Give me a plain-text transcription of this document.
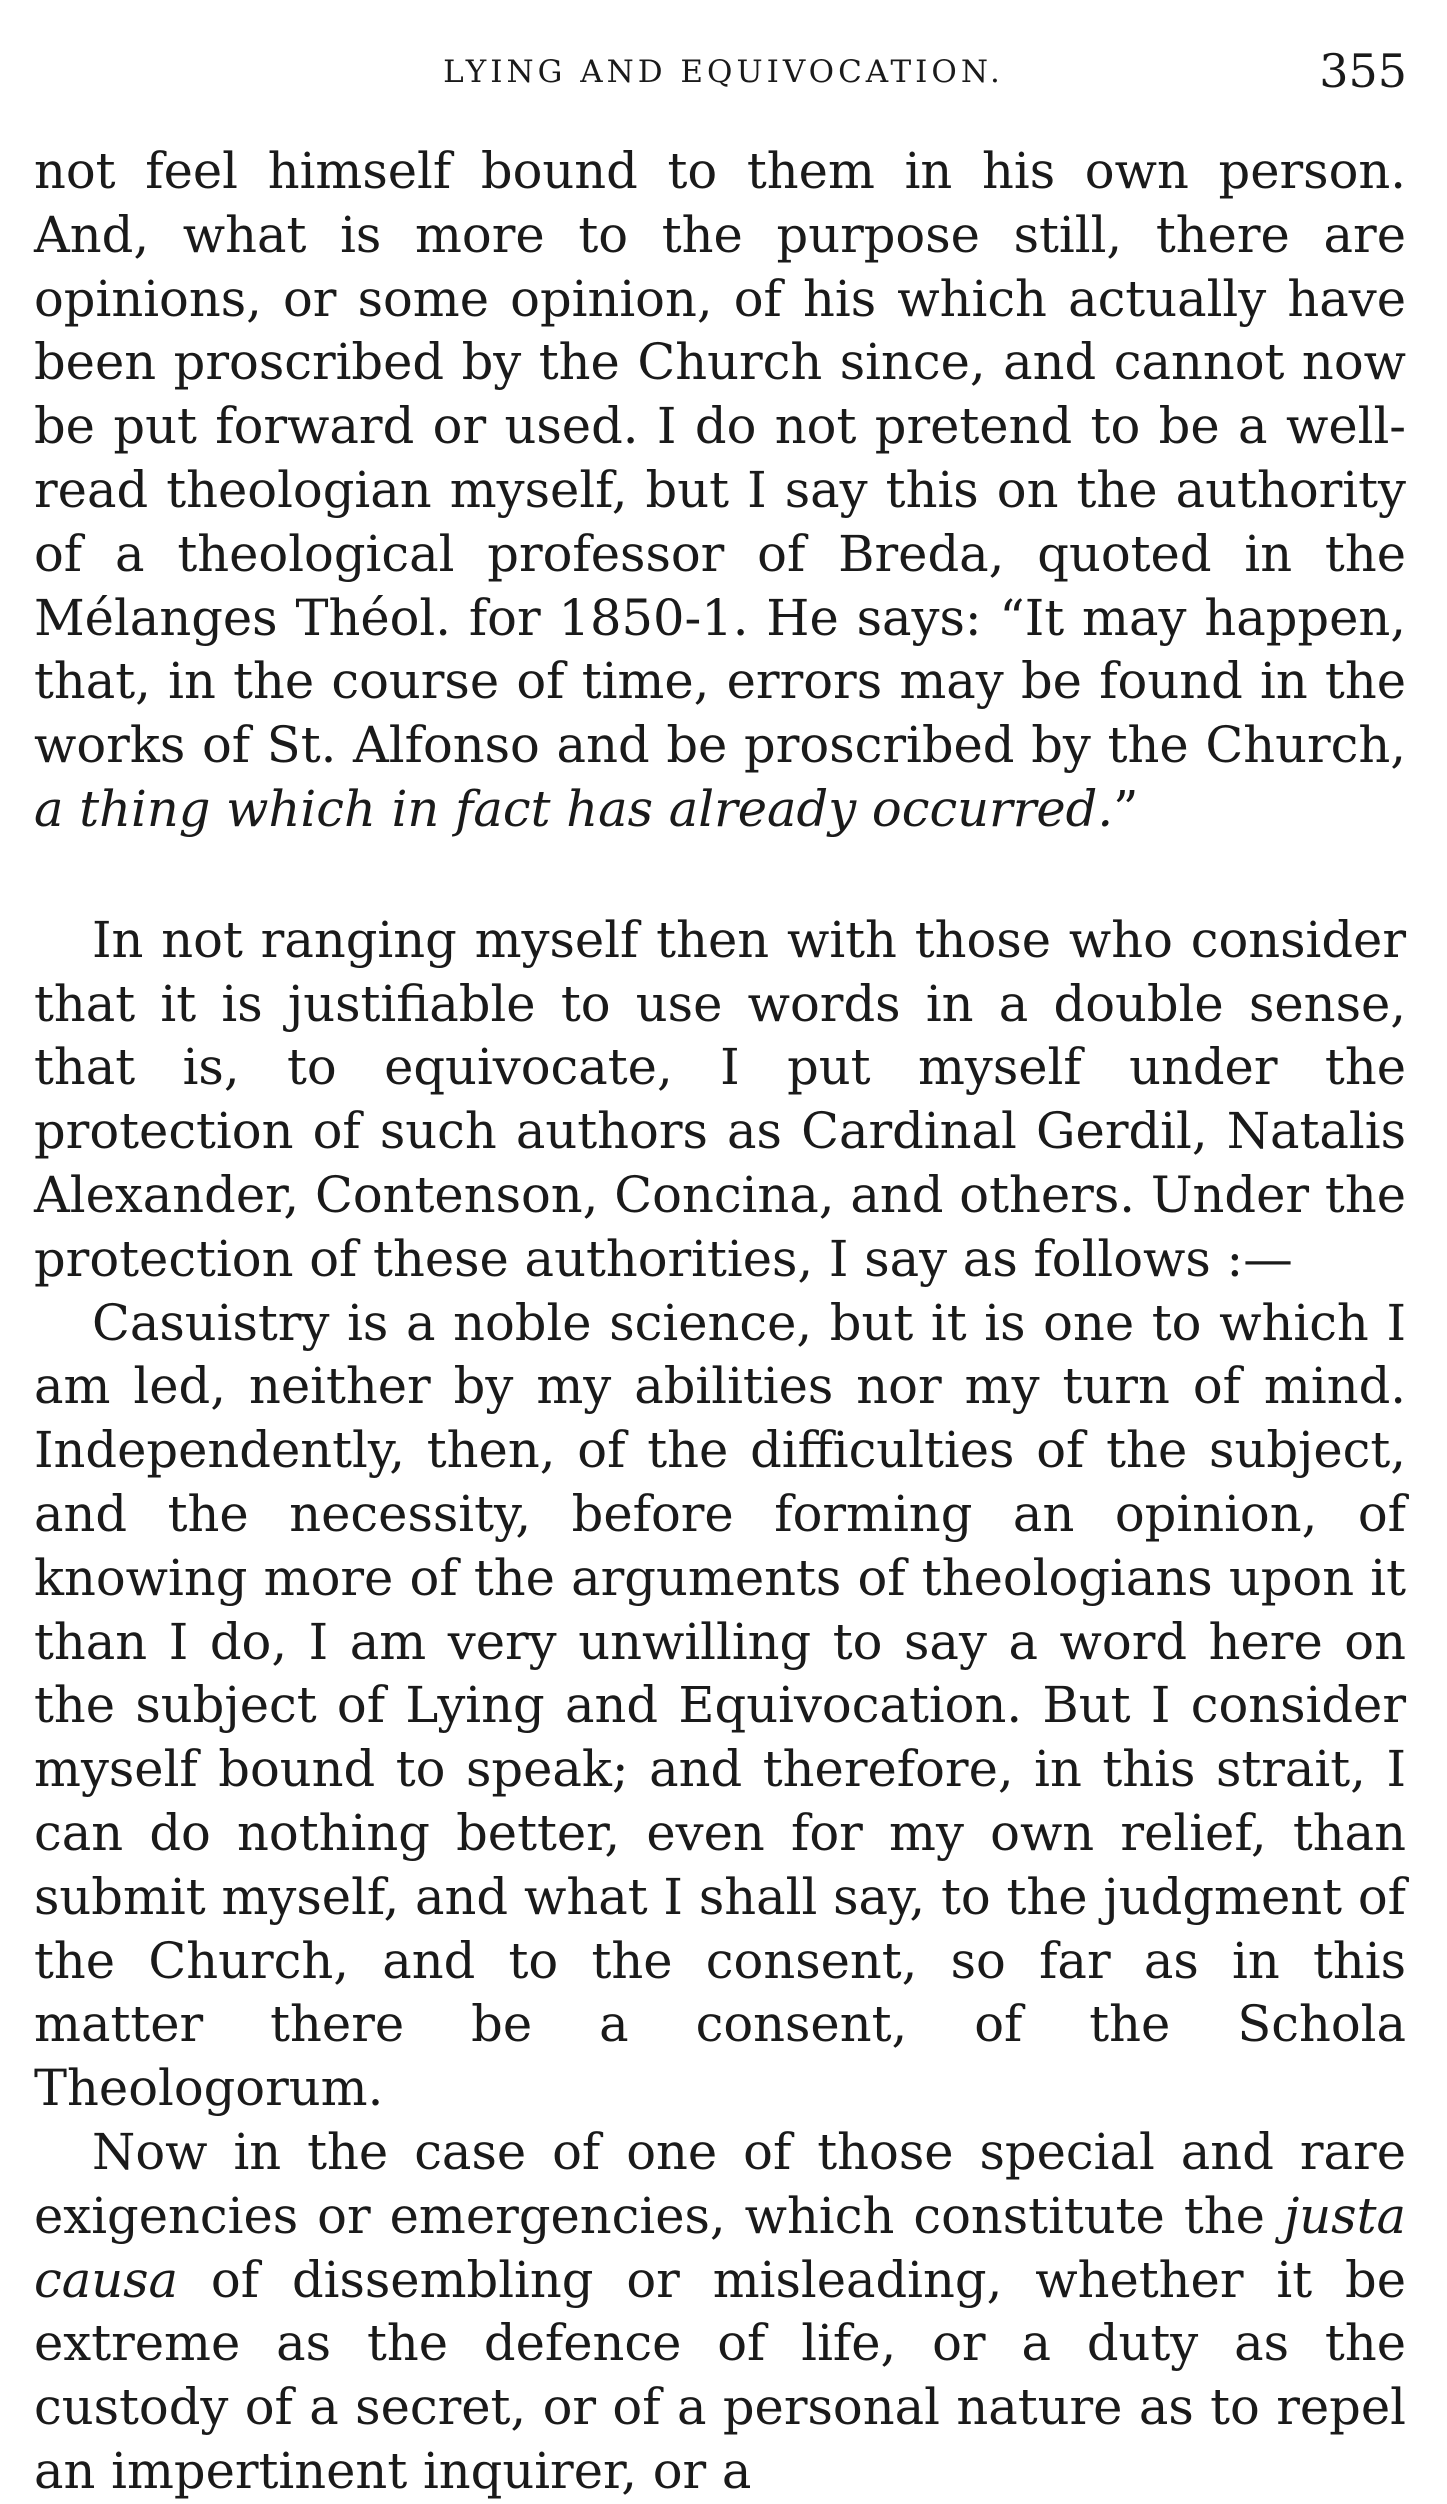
LYING AND EQUIVOCATION.	355

not feel himself bound to them in his own person. And, what is more to the purpose still, there are opinions, or some opinion, of his which actually have been proscribed by the Church since, and cannot now be put forward or used. I do not pretend to be a well-read theologian myself, but I say this on the authority of a theological professor of Breda, quoted in the Mélanges Théol. for 1850-1. He says: “It may happen, that, in the course of time, errors may be found in the works of St. Alfonso and be proscribed by the Church, a thing which in fact has already occurred.”

In not ranging myself then with those who consider that it is justifiable to use words in a double sense, that is, to equivocate, I put myself under the protection of such authors as Cardinal Gerdil, Natalis Alexander, Contenson, Concina, and others. Under the protection of these authorities, I say as follows :—

Casuistry is a noble science, but it is one to which I am led, neither by my abilities nor my turn of mind. Independently, then, of the difficulties of the subject, and the necessity, before forming an opinion, of knowing more of the arguments of theologians upon it than I do, I am very unwilling to say a word here on the subject of Lying and Equivocation. But I consider myself bound to speak; and therefore, in this strait, I can do nothing better, even for my own relief, than submit myself, and what I shall say, to the judgment of the Church, and to the consent, so far as in this matter there be a consent, of the Schola Theologorum.

Now in the case of one of those special and rare exigencies or emergencies, which constitute the justa causa of dissembling or misleading, whether it be extreme as the defence of life, or a duty as the custody of a secret, or of a personal nature as to repel an impertinent inquirer, or a
